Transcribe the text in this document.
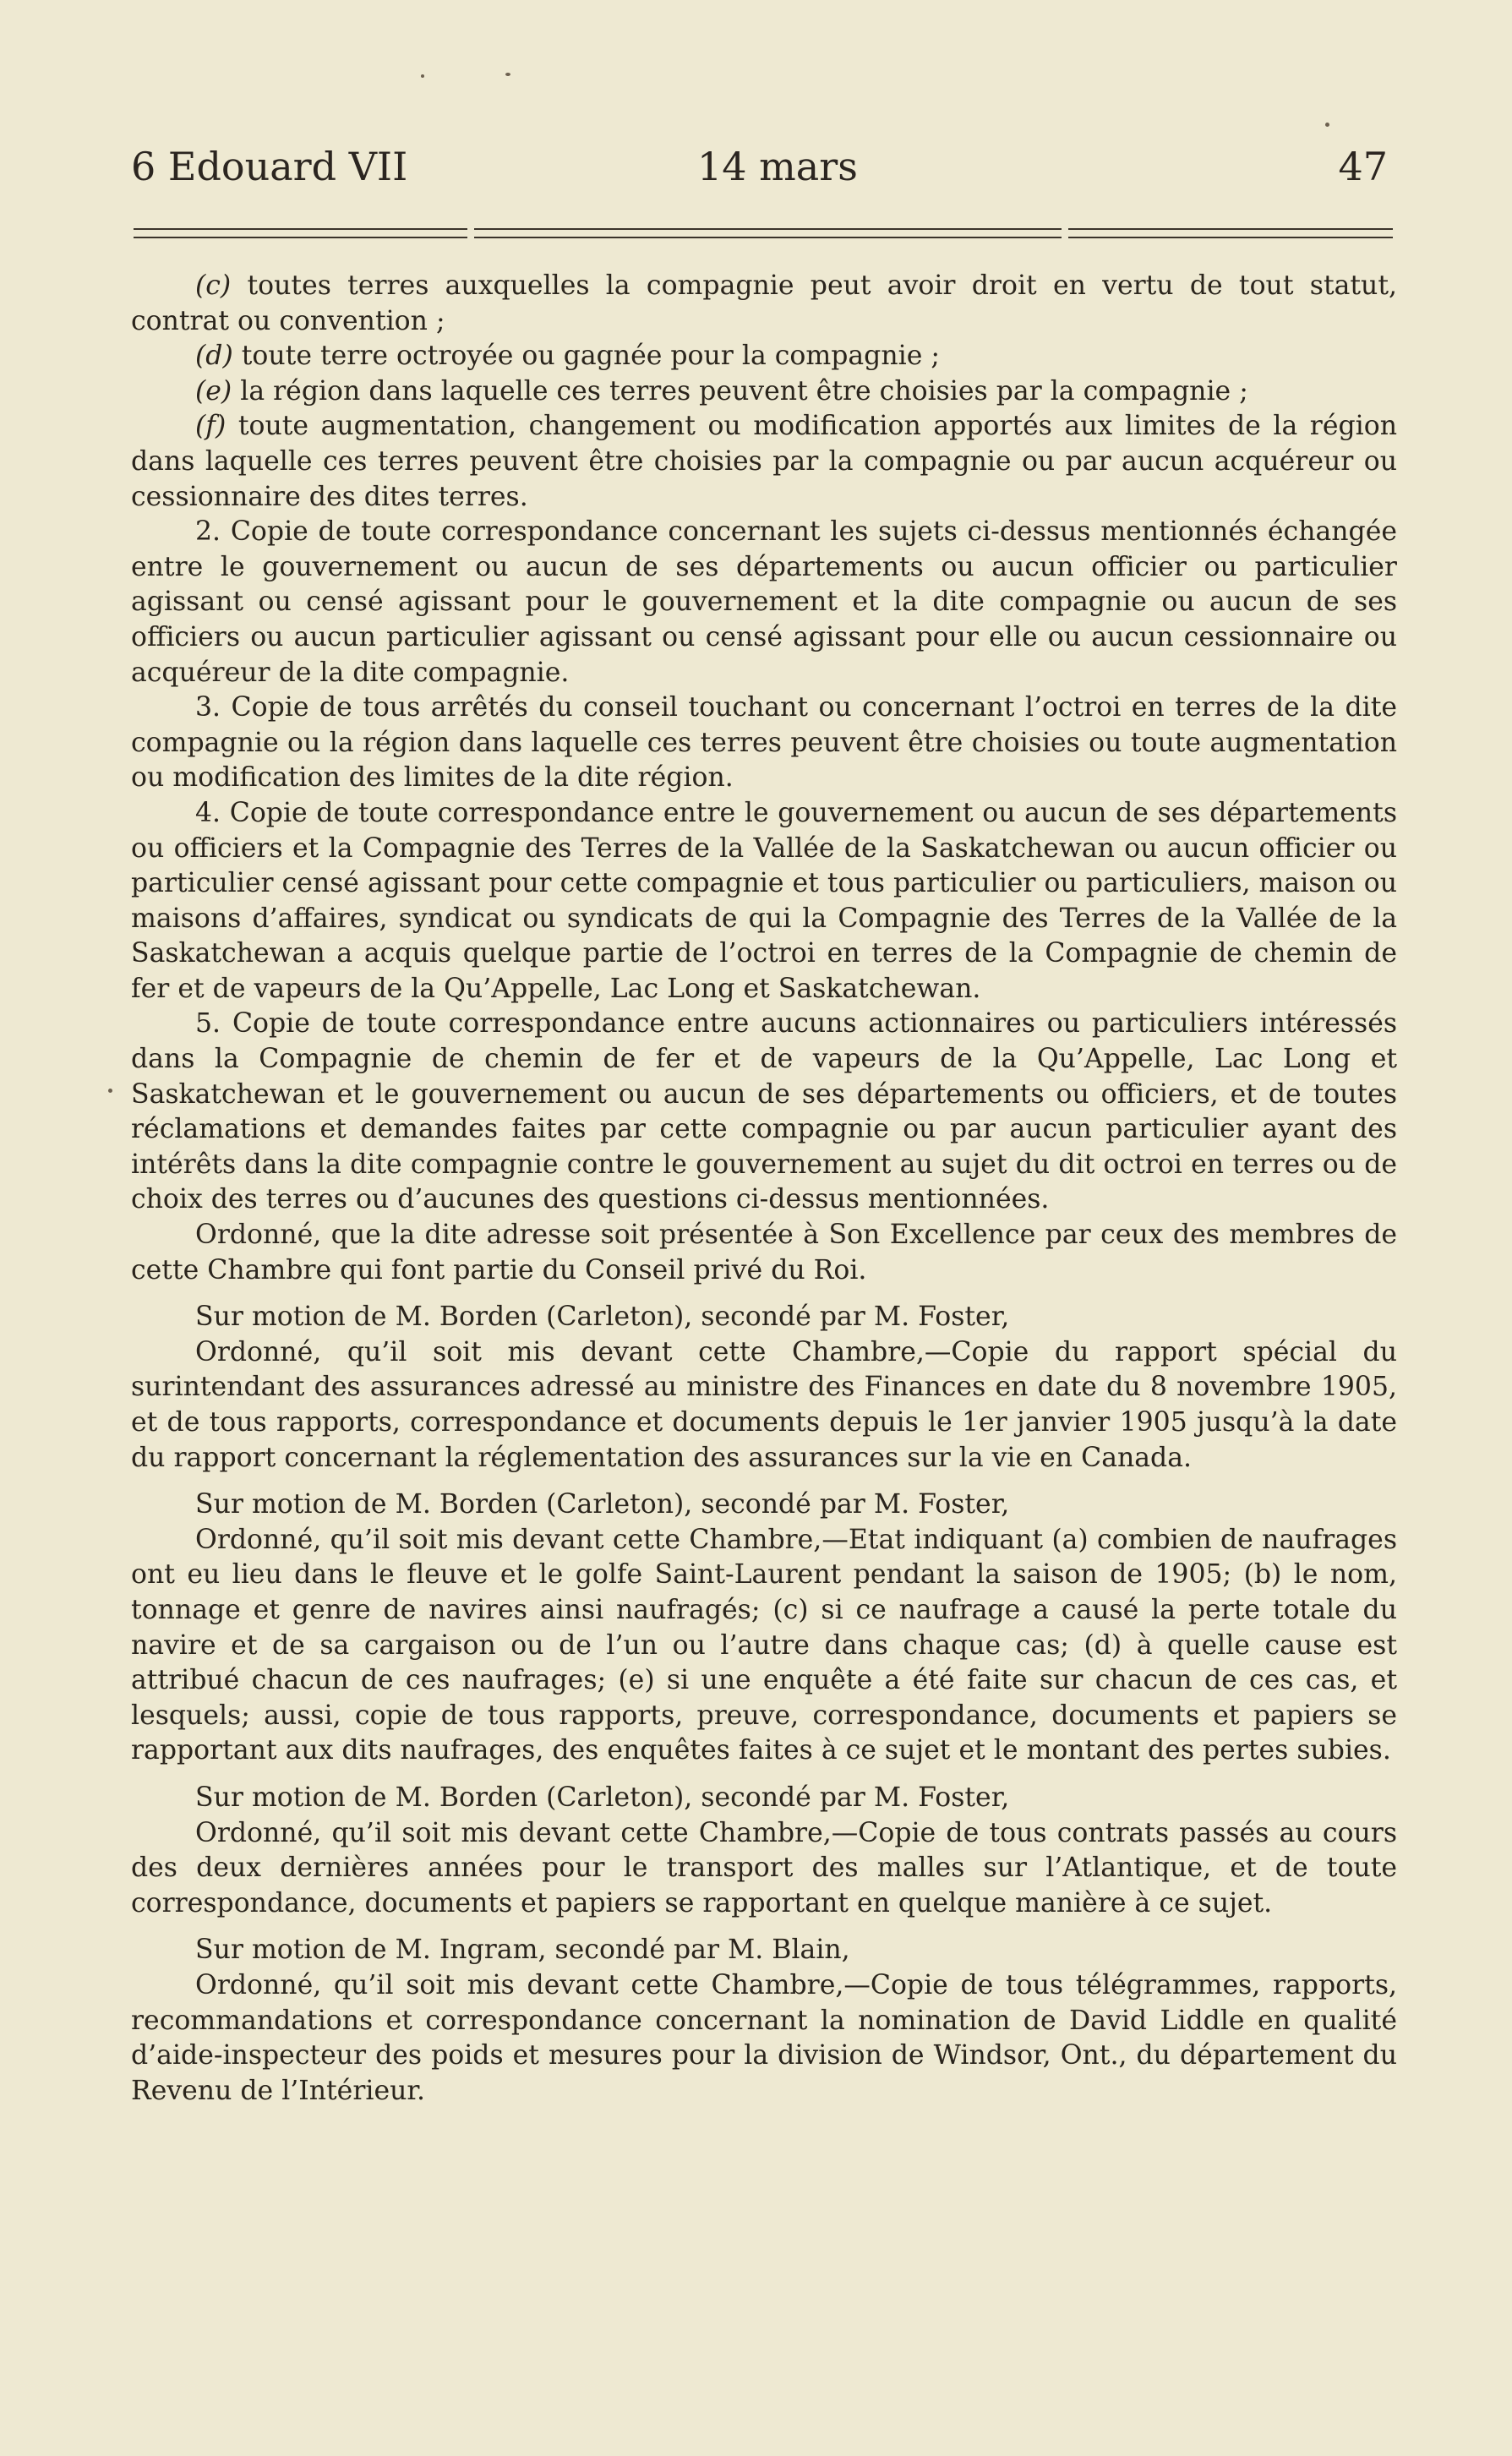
6 Edouard VII	14 mars	47

(c) toutes terres auxquelles la compagnie peut avoir droit en vertu de tout statut, contrat ou convention ;

(d) toute terre octroyée ou gagnée pour la compagnie ;

(e) la région dans laquelle ces terres peuvent être choisies par la compagnie ;

(f) toute augmentation, changement ou modification apportés aux limites de la région dans laquelle ces terres peuvent être choisies par la compagnie ou par aucun acquéreur ou cessionnaire des dites terres.

2. Copie de toute correspondance concernant les sujets ci-dessus mentionnés échangée entre le gouvernement ou aucun de ses départements ou aucun officier ou particulier agissant ou censé agissant pour le gouvernement et la dite compagnie ou aucun de ses officiers ou aucun particulier agissant ou censé agissant pour elle ou aucun cessionnaire ou acquéreur de la dite compagnie.

3. Copie de tous arrêtés du conseil touchant ou concernant l’octroi en terres de la dite compagnie ou la région dans laquelle ces terres peuvent être choisies ou toute augmentation ou modification des limites de la dite région.

4. Copie de toute correspondance entre le gouvernement ou aucun de ses départements ou officiers et la Compagnie des Terres de la Vallée de la Saskatchewan ou aucun officier ou particulier censé agissant pour cette compagnie et tous particulier ou particuliers, maison ou maisons d’affaires, syndicat ou syndicats de qui la Compagnie des Terres de la Vallée de la Saskatchewan a acquis quelque partie de l’octroi en terres de la Compagnie de chemin de fer et de vapeurs de la Qu’Appelle, Lac Long et Saskatchewan.

5. Copie de toute correspondance entre aucuns actionnaires ou particuliers intéressés dans la Compagnie de chemin de fer et de vapeurs de la Qu’Appelle, Lac Long et Saskatchewan et le gouvernement ou aucun de ses départements ou officiers, et de toutes réclamations et demandes faites par cette compagnie ou par aucun particulier ayant des intérêts dans la dite compagnie contre le gouvernement au sujet du dit octroi en terres ou de choix des terres ou d’aucunes des questions ci-dessus mentionnées.

Ordonné, que la dite adresse soit présentée à Son Excellence par ceux des membres de cette Chambre qui font partie du Conseil privé du Roi.

Sur motion de M. Borden (Carleton), secondé par M. Foster,

Ordonné, qu’il soit mis devant cette Chambre,—Copie du rapport spécial du surintendant des assurances adressé au ministre des Finances en date du 8 novembre 1905, et de tous rapports, correspondance et documents depuis le 1er janvier 1905 jusqu’à la date du rapport concernant la réglementation des assurances sur la vie en Canada.

Sur motion de M. Borden (Carleton), secondé par M. Foster,

Ordonné, qu’il soit mis devant cette Chambre,—Etat indiquant (a) combien de naufrages ont eu lieu dans le fleuve et le golfe Saint-Laurent pendant la saison de 1905; (b) le nom, tonnage et genre de navires ainsi naufragés; (c) si ce naufrage a causé la perte totale du navire et de sa cargaison ou de l’un ou l’autre dans chaque cas; (d) à quelle cause est attribué chacun de ces naufrages; (e) si une enquête a été faite sur chacun de ces cas, et lesquels; aussi, copie de tous rapports, preuve, correspondance, documents et papiers se rapportant aux dits naufrages, des enquêtes faites à ce sujet et le montant des pertes subies.

Sur motion de M. Borden (Carleton), secondé par M. Foster,

Ordonné, qu’il soit mis devant cette Chambre,—Copie de tous contrats passés au cours des deux dernières années pour le transport des malles sur l’Atlantique, et de toute correspondance, documents et papiers se rapportant en quelque manière à ce sujet.

Sur motion de M. Ingram, secondé par M. Blain,

Ordonné, qu’il soit mis devant cette Chambre,—Copie de tous télégrammes, rapports, recommandations et correspondance concernant la nomination de David Liddle en qualité d’aide-inspecteur des poids et mesures pour la division de Windsor, Ont., du département du Revenu de l’Intérieur.
